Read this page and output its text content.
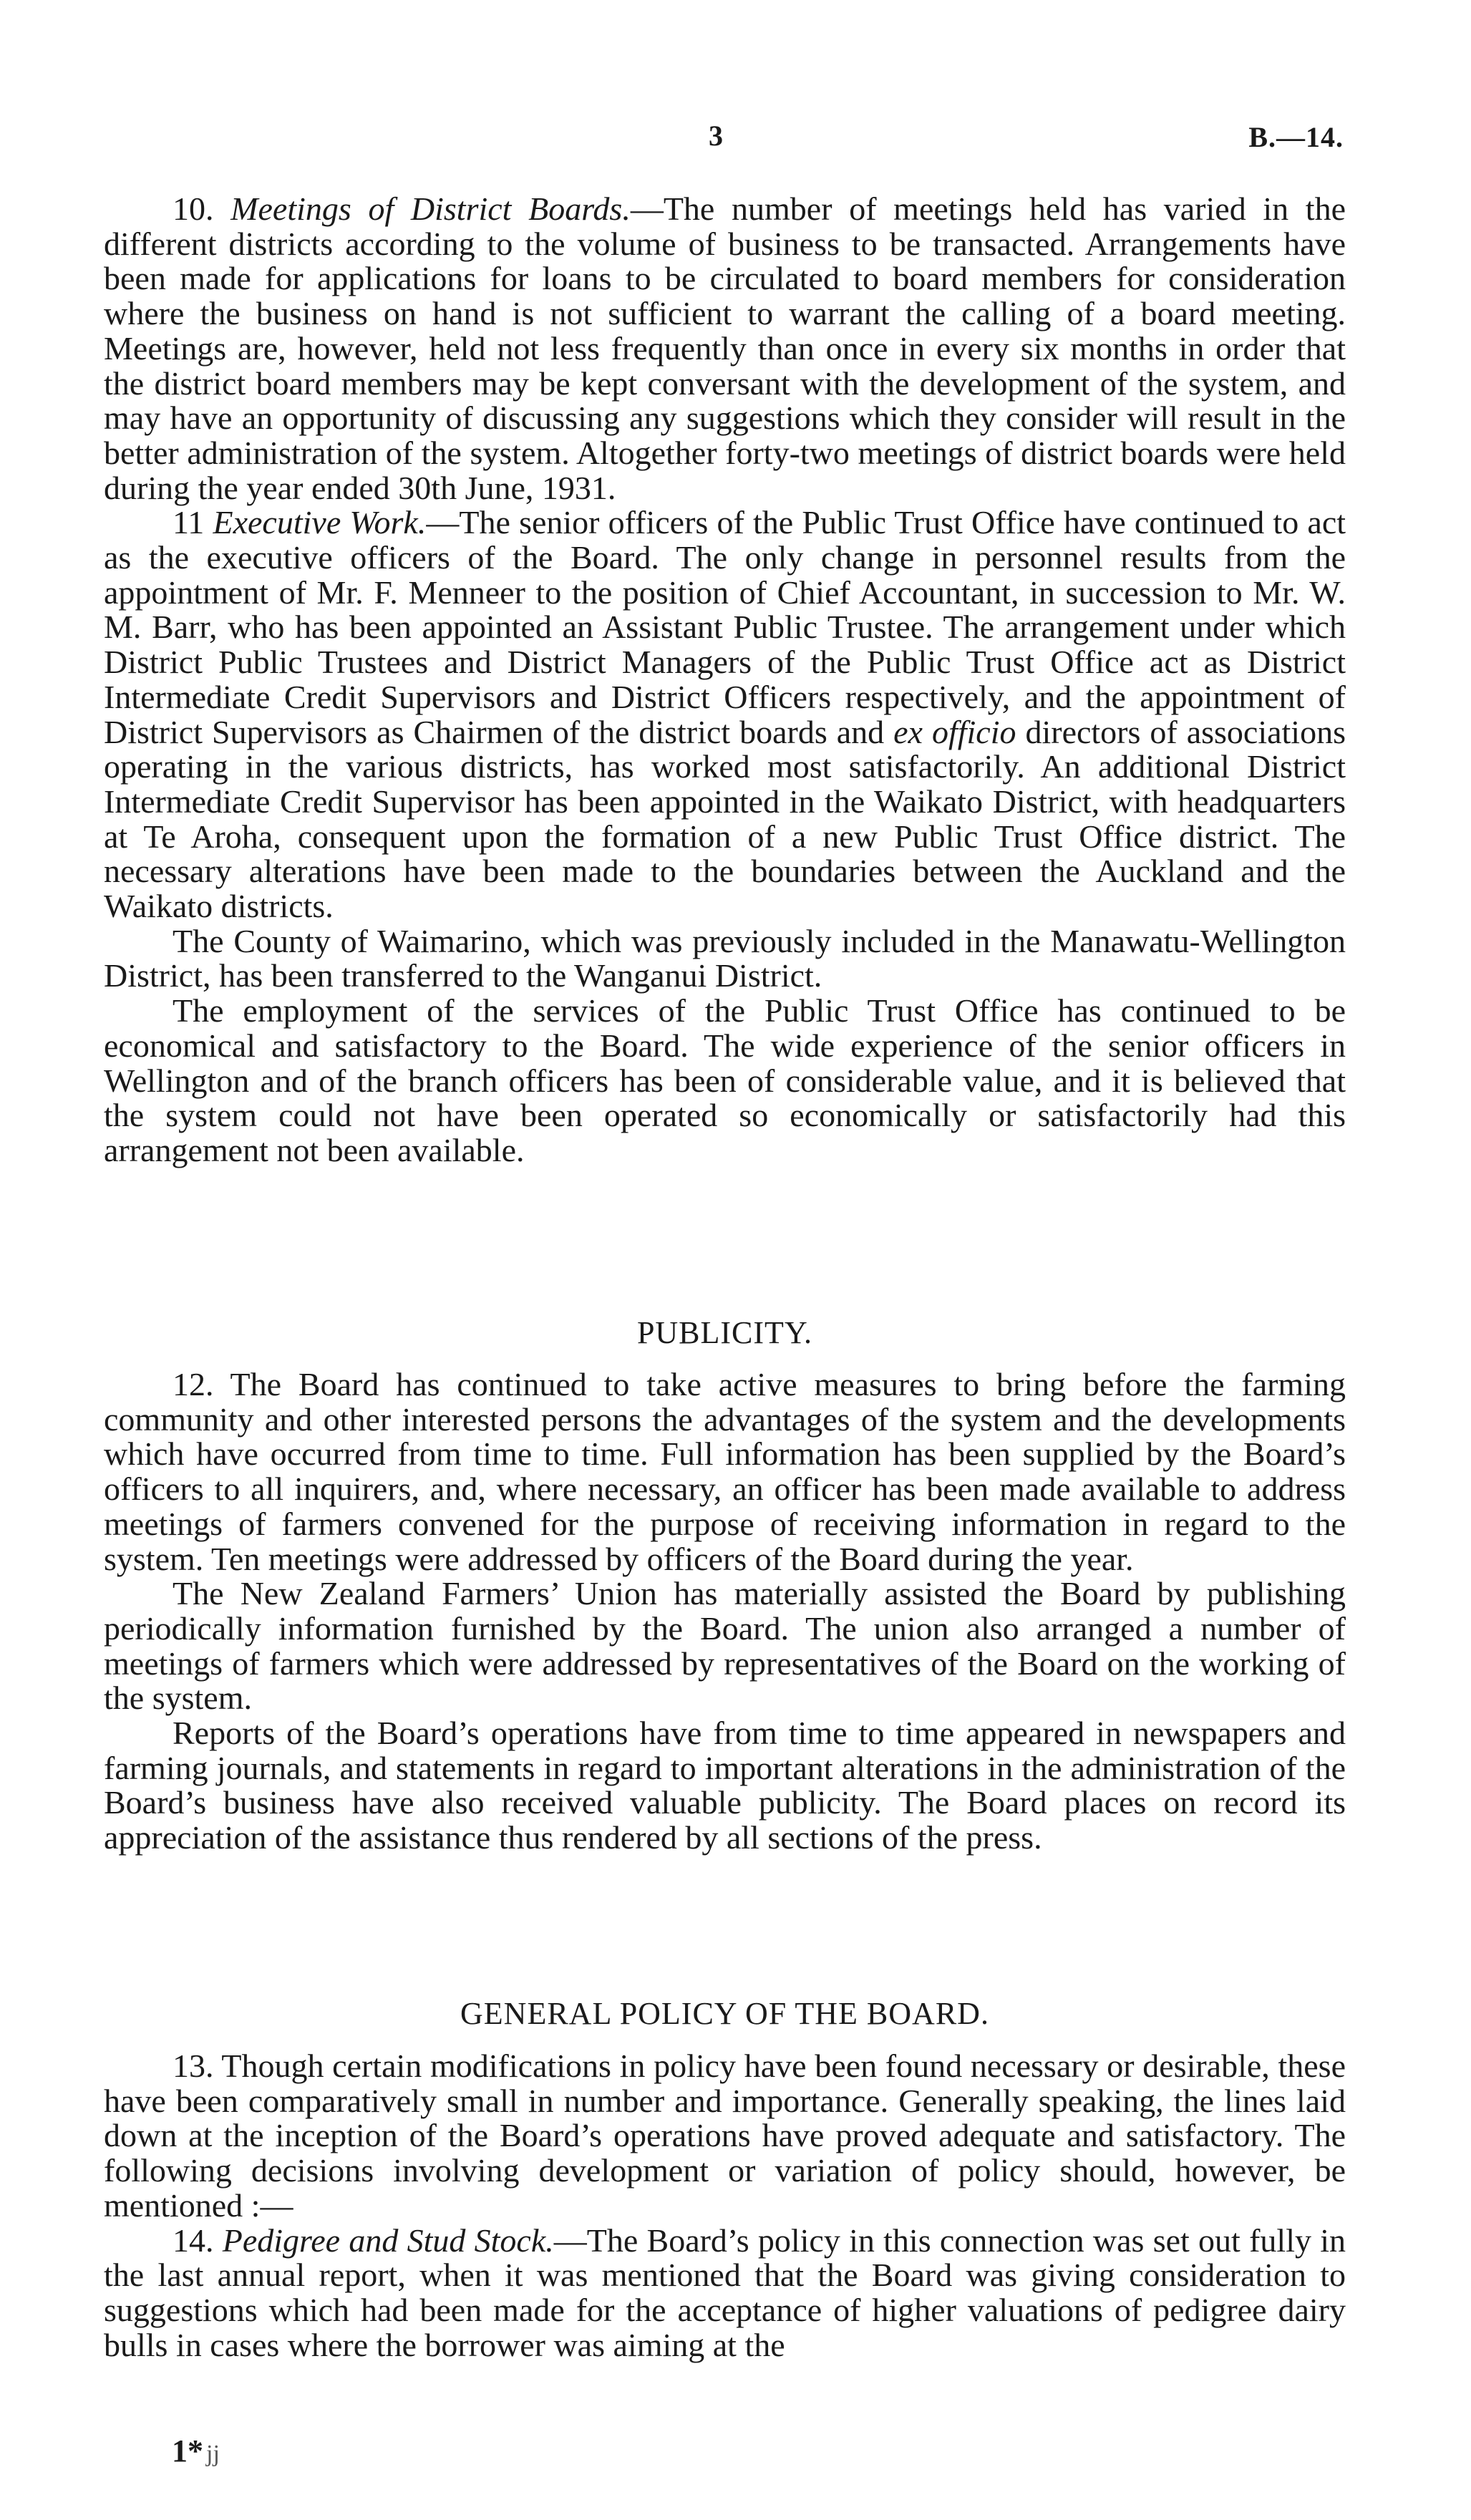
3	B.—14.

10. Meetings of District Boards.—The number of meetings held has varied in the different districts according to the volume of business to be transacted. Arrangements have been made for applications for loans to be circulated to board members for consideration where the business on hand is not sufficient to warrant the calling of a board meeting. Meetings are, however, held not less frequently than once in every six months in order that the district board members may be kept conversant with the development of the system, and may have an opportunity of discussing any suggestions which they consider will result in the better administration of the system. Altogether forty-two meetings of district boards were held during the year ended 30th June, 1931.

11 Executive Work.—The senior officers of the Public Trust Office have continued to act as the executive officers of the Board. The only change in personnel results from the appointment of Mr. F. Menneer to the position of Chief Accountant, in succession to Mr. W. M. Barr, who has been appointed an Assistant Public Trustee. The arrangement under which District Public Trustees and District Managers of the Public Trust Office act as District Intermediate Credit Supervisors and District Officers respectively, and the appointment of District Supervisors as Chairmen of the district boards and ex officio directors of associations operating in the various districts, has worked most satisfactorily. An additional District Intermediate Credit Supervisor has been appointed in the Waikato District, with headquarters at Te Aroha, consequent upon the formation of a new Public Trust Office district. The necessary alterations have been made to the boundaries between the Auckland and the Waikato districts.

The County of Waimarino, which was previously included in the Manawatu-Wellington District, has been transferred to the Wanganui District.

The employment of the services of the Public Trust Office has continued to be economical and satisfactory to the Board. The wide experience of the senior officers in Wellington and of the branch officers has been of considerable value, and it is believed that the system could not have been operated so economically or satisfactorily had this arrangement not been available.

PUBLICITY.

12. The Board has continued to take active measures to bring before the farming community and other interested persons the advantages of the system and the developments which have occurred from time to time. Full information has been supplied by the Board’s officers to all inquirers, and, where necessary, an officer has been made available to address meetings of farmers convened for the purpose of receiving information in regard to the system. Ten meetings were addressed by officers of the Board during the year.

The New Zealand Farmers’ Union has materially assisted the Board by publishing periodically information furnished by the Board. The union also arranged a number of meetings of farmers which were addressed by representatives of the Board on the working of the system.

Reports of the Board’s operations have from time to time appeared in newspapers and farming journals, and statements in regard to important alterations in the administration of the Board’s business have also received valuable publicity. The Board places on record its appreciation of the assistance thus rendered by all sections of the press.

GENERAL POLICY OF THE BOARD.

13. Though certain modifications in policy have been found necessary or desirable, these have been comparatively small in number and importance. Generally speaking, the lines laid down at the inception of the Board’s operations have proved adequate and satisfactory. The following decisions involving development or variation of policy should, however, be mentioned :—

14. Pedigree and Stud Stock.—The Board’s policy in this connection was set out fully in the last annual report, when it was mentioned that the Board was giving consideration to suggestions which had been made for the acceptance of higher valuations of pedigree dairy bulls in cases where the borrower was aiming at the

1* ϳϳ
